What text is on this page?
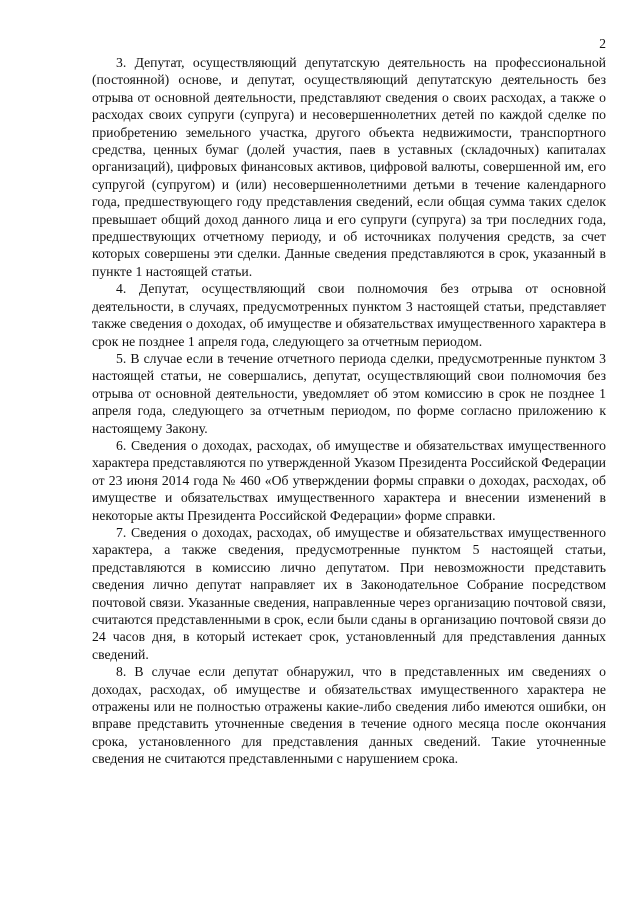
2

3. Депутат, осуществляющий депутатскую деятельность на профессиональной (постоянной) основе, и депутат, осуществляющий депутатскую деятельность без отрыва от основной деятельности, представляют сведения о своих расходах, а также о расходах своих супруги (супруга) и несовершеннолетних детей по каждой сделке по приобретению земельного участка, другого объекта недвижимости, транспортного средства, ценных бумаг (долей участия, паев в уставных (складочных) капиталах организаций), цифровых финансовых активов, цифровой валюты, совершенной им, его супругой (супругом) и (или) несовершеннолетними детьми в течение календарного года, предшествующего году представления сведений, если общая сумма таких сделок превышает общий доход данного лица и его супруги (супруга) за три последних года, предшествующих отчетному периоду, и об источниках получения средств, за счет которых совершены эти сделки. Данные сведения представляются в срок, указанный в пункте 1 настоящей статьи.

4. Депутат, осуществляющий свои полномочия без отрыва от основной деятельности, в случаях, предусмотренных пунктом 3 настоящей статьи, представляет также сведения о доходах, об имуществе и обязательствах имущественного характера в срок не позднее 1 апреля года, следующего за отчетным периодом.

5. В случае если в течение отчетного периода сделки, предусмотренные пунктом 3 настоящей статьи, не совершались, депутат, осуществляющий свои полномочия без отрыва от основной деятельности, уведомляет об этом комиссию в срок не позднее 1 апреля года, следующего за отчетным периодом, по форме согласно приложению к настоящему Закону.

6. Сведения о доходах, расходах, об имуществе и обязательствах имущественного характера представляются по утвержденной Указом Президента Российской Федерации от 23 июня 2014 года № 460 «Об утверждении формы справки о доходах, расходах, об имуществе и обязательствах имущественного характера и внесении изменений в некоторые акты Президента Российской Федерации» форме справки.

7. Сведения о доходах, расходах, об имуществе и обязательствах имущественного характера, а также сведения, предусмотренные пунктом 5 настоящей статьи, представляются в комиссию лично депутатом. При невозможности представить сведения лично депутат направляет их в Законодательное Собрание посредством почтовой связи. Указанные сведения, направленные через организацию почтовой связи, считаются представленными в срок, если были сданы в организацию почтовой связи до 24 часов дня, в который истекает срок, установленный для представления данных сведений.

8. В случае если депутат обнаружил, что в представленных им сведениях о доходах, расходах, об имуществе и обязательствах имущественного характера не отражены или не полностью отражены какие-либо сведения либо имеются ошибки, он вправе представить уточненные сведения в течение одного месяца после окончания срока, установленного для представления данных сведений. Такие уточненные сведения не считаются представленными с нарушением срока.
